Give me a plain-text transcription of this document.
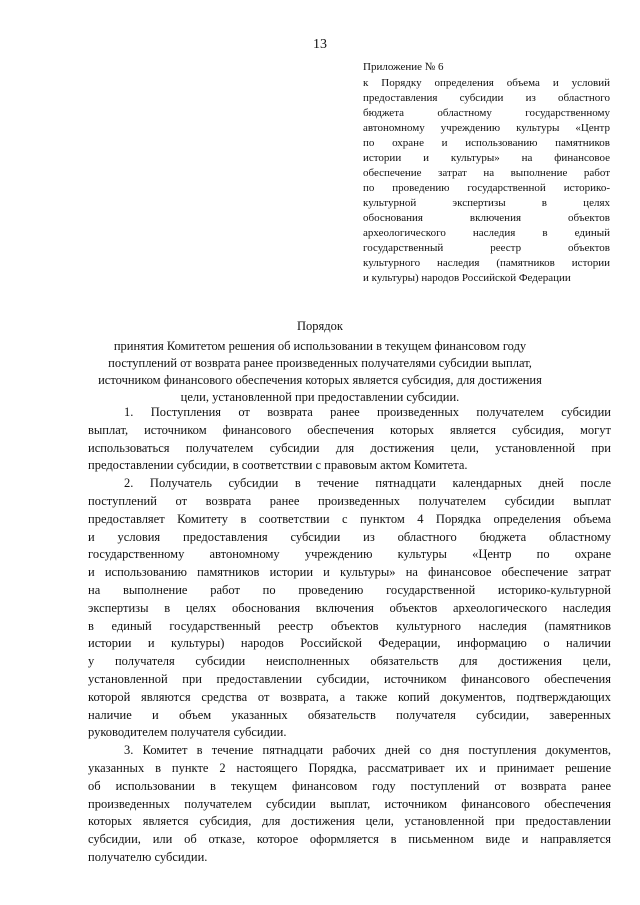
13
Приложение № 6
к Порядку определения объема и условий
предоставления субсидии из областного
бюджета областному государственному
автономному учреждению культуры «Центр
по охране и использованию памятников
истории и культуры» на финансовое
обеспечение затрат на выполнение работ
по проведению государственной историко-
культурной экспертизы в целях
обоснования включения объектов
археологического наследия в единый
государственный реестр объектов
культурного наследия (памятников истории
и культуры) народов Российской Федерации
Порядок
принятия Комитетом решения об использовании в текущем финансовом году
поступлений от возврата ранее произведенных получателями субсидии выплат,
источником финансового обеспечения которых является субсидия, для достижения
цели, установленной при предоставлении субсидии.

1. Поступления от возврата ранее произведенных получателем субсидии
выплат, источником финансового обеспечения которых является субсидия, могут
использоваться получателем субсидии для достижения цели, установленной при
предоставлении субсидии, в соответствии с правовым актом Комитета.

2. Получатель субсидии в течение пятнадцати календарных дней после
поступлений от возврата ранее произведенных получателем субсидии выплат
предоставляет Комитету в соответствии с пунктом 4 Порядка определения объема
и условия предоставления субсидии из областного бюджета областному
государственному автономному учреждению культуры «Центр по охране
и использованию памятников истории и культуры» на финансовое обеспечение затрат
на выполнение работ по проведению государственной историко-культурной
экспертизы в целях обоснования включения объектов археологического наследия
в единый государственный реестр объектов культурного наследия (памятников
истории и культуры) народов Российской Федерации, информацию о наличии
у получателя субсидии неисполненных обязательств для достижения цели,
установленной при предоставлении субсидии, источником финансового обеспечения
которой являются средства от возврата, а также копий документов, подтверждающих
наличие и объем указанных обязательств получателя субсидии, заверенных
руководителем получателя субсидии.

3. Комитет в течение пятнадцати рабочих дней со дня поступления документов,
указанных в пункте 2 настоящего Порядка, рассматривает их и принимает решение
об использовании в текущем финансовом году поступлений от возврата ранее
произведенных получателем субсидии выплат, источником финансового обеспечения
которых является субсидия, для достижения цели, установленной при предоставлении
субсидии, или об отказе, которое оформляется в письменном виде и направляется
получателю субсидии.
